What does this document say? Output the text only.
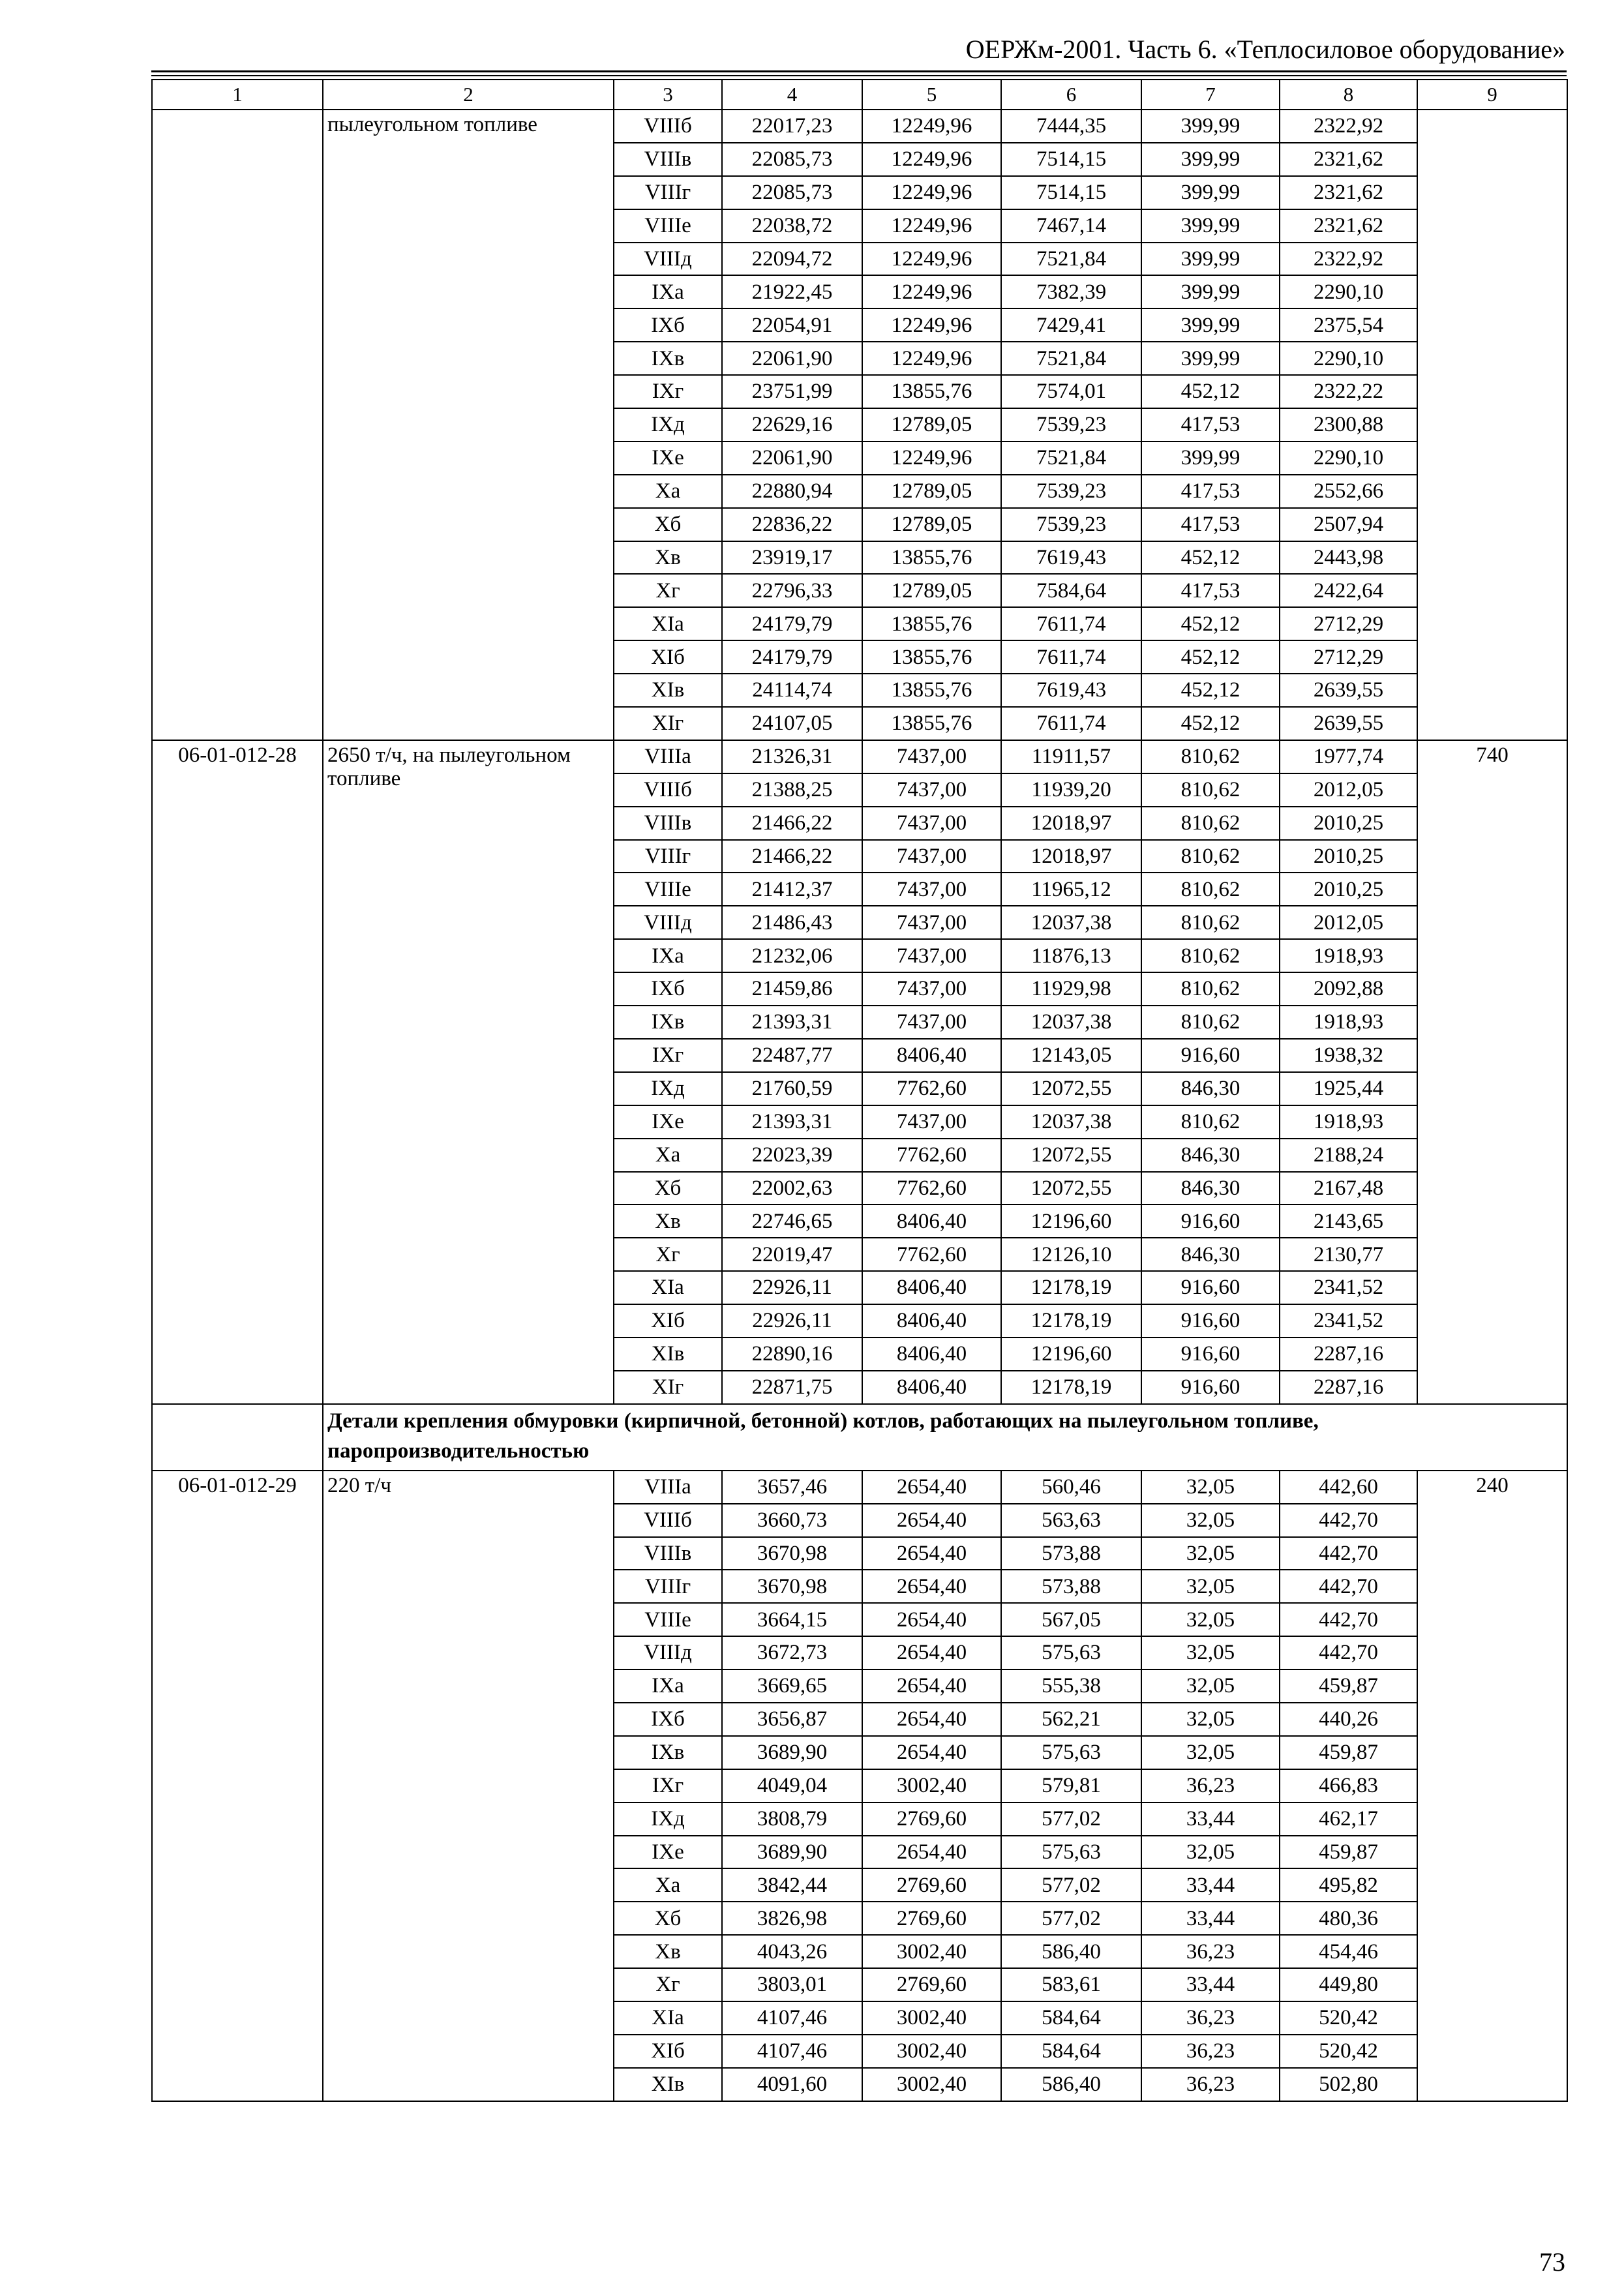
ОЕРЖм-2001. Часть 6. «Теплосиловое оборудование»
1	2	3	4	5	6	7	8	9
	пылеугольном топливе	VIIIб	22017,23	12249,96	7444,35	399,99	2322,92	
		VIIIв	22085,73	12249,96	7514,15	399,99	2321,62	
		VIIIг	22085,73	12249,96	7514,15	399,99	2321,62	
		VIIIе	22038,72	12249,96	7467,14	399,99	2321,62	
		VIIIд	22094,72	12249,96	7521,84	399,99	2322,92	
		IXа	21922,45	12249,96	7382,39	399,99	2290,10	
		IXб	22054,91	12249,96	7429,41	399,99	2375,54	
		IXв	22061,90	12249,96	7521,84	399,99	2290,10	
		IXг	23751,99	13855,76	7574,01	452,12	2322,22	
		IXд	22629,16	12789,05	7539,23	417,53	2300,88	
		IXе	22061,90	12249,96	7521,84	399,99	2290,10	
		Xа	22880,94	12789,05	7539,23	417,53	2552,66	
		Xб	22836,22	12789,05	7539,23	417,53	2507,94	
		Xв	23919,17	13855,76	7619,43	452,12	2443,98	
		Xг	22796,33	12789,05	7584,64	417,53	2422,64	
		XIа	24179,79	13855,76	7611,74	452,12	2712,29	
		XIб	24179,79	13855,76	7611,74	452,12	2712,29	
		XIв	24114,74	13855,76	7619,43	452,12	2639,55	
		XIг	24107,05	13855,76	7611,74	452,12	2639,55	
06-01-012-28	2650 т/ч, на пылеугольном топливе	VIIIа	21326,31	7437,00	11911,57	810,62	1977,74	740
		VIIIб	21388,25	7437,00	11939,20	810,62	2012,05	
		VIIIв	21466,22	7437,00	12018,97	810,62	2010,25	
		VIIIг	21466,22	7437,00	12018,97	810,62	2010,25	
		VIIIе	21412,37	7437,00	11965,12	810,62	2010,25	
		VIIIд	21486,43	7437,00	12037,38	810,62	2012,05	
		IXа	21232,06	7437,00	11876,13	810,62	1918,93	
		IXб	21459,86	7437,00	11929,98	810,62	2092,88	
		IXв	21393,31	7437,00	12037,38	810,62	1918,93	
		IXг	22487,77	8406,40	12143,05	916,60	1938,32	
		IXд	21760,59	7762,60	12072,55	846,30	1925,44	
		IXе	21393,31	7437,00	12037,38	810,62	1918,93	
		Xа	22023,39	7762,60	12072,55	846,30	2188,24	
		Xб	22002,63	7762,60	12072,55	846,30	2167,48	
		Xв	22746,65	8406,40	12196,60	916,60	2143,65	
		Xг	22019,47	7762,60	12126,10	846,30	2130,77	
		XIа	22926,11	8406,40	12178,19	916,60	2341,52	
		XIб	22926,11	8406,40	12178,19	916,60	2341,52	
		XIв	22890,16	8406,40	12196,60	916,60	2287,16	
		XIг	22871,75	8406,40	12178,19	916,60	2287,16	
	Детали крепления обмуровки (кирпичной, бетонной) котлов, работающих на пылеугольном топливе, паропроизводительностью							
06-01-012-29	220 т/ч	VIIIа	3657,46	2654,40	560,46	32,05	442,60	240
		VIIIб	3660,73	2654,40	563,63	32,05	442,70	
		VIIIв	3670,98	2654,40	573,88	32,05	442,70	
		VIIIг	3670,98	2654,40	573,88	32,05	442,70	
		VIIIе	3664,15	2654,40	567,05	32,05	442,70	
		VIIIд	3672,73	2654,40	575,63	32,05	442,70	
		IXа	3669,65	2654,40	555,38	32,05	459,87	
		IXб	3656,87	2654,40	562,21	32,05	440,26	
		IXв	3689,90	2654,40	575,63	32,05	459,87	
		IXг	4049,04	3002,40	579,81	36,23	466,83	
		IXд	3808,79	2769,60	577,02	33,44	462,17	
		IXе	3689,90	2654,40	575,63	32,05	459,87	
		Xа	3842,44	2769,60	577,02	33,44	495,82	
		Xб	3826,98	2769,60	577,02	33,44	480,36	
		Xв	4043,26	3002,40	586,40	36,23	454,46	
		Xг	3803,01	2769,60	583,61	33,44	449,80	
		XIа	4107,46	3002,40	584,64	36,23	520,42	
		XIб	4107,46	3002,40	584,64	36,23	520,42	
		XIв	4091,60	3002,40	586,40	36,23	502,80	
73
